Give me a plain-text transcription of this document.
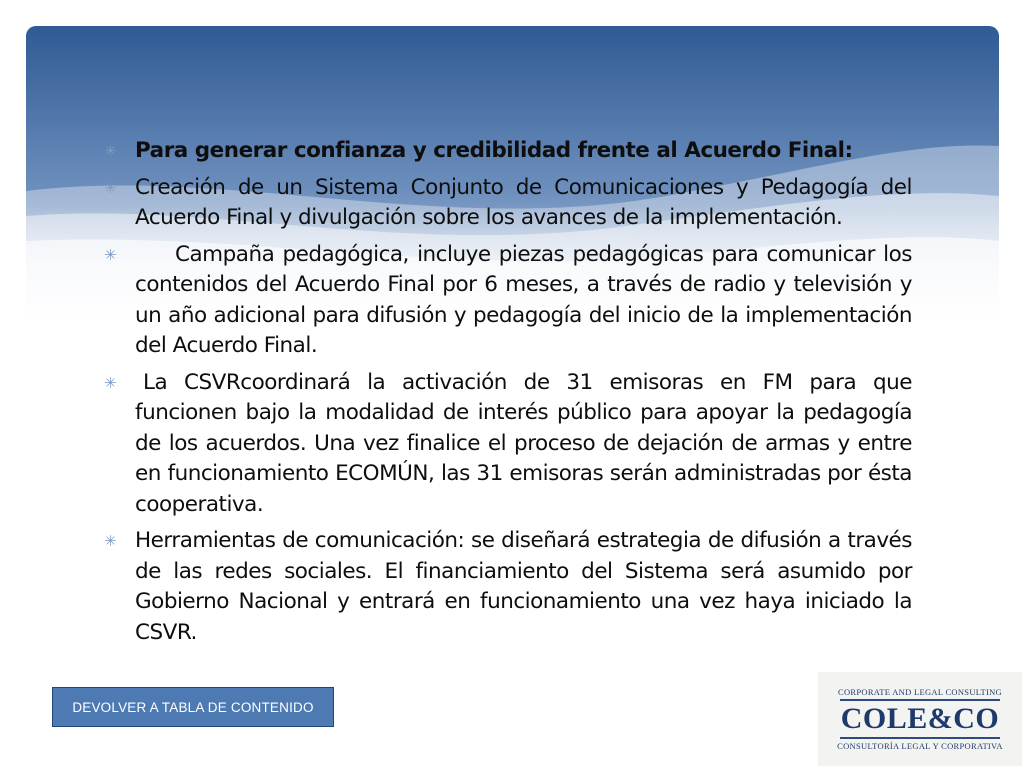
✳ Para generar confianza y credibilidad frente al Acuerdo Final:
✳ Creación de un Sistema Conjunto de Comunicaciones y Pedagogía del Acuerdo Final y divulgación sobre los avances de la implementación.
✳	Campaña pedagógica, incluye piezas pedagógicas para comunicar los contenidos del Acuerdo Final por 6 meses, a través de radio y televisión y un año adicional para difusión y pedagogía del inicio de la implementación del Acuerdo Final.
✳ La CSVRcoordinará la activación de 31 emisoras en FM para que funcionen bajo la modalidad de interés público para apoyar la pedagogía de los acuerdos. Una vez finalice el proceso de dejación de armas y entre en funcionamiento ECOMÚN, las 31 emisoras serán administradas por ésta cooperativa.
✳ Herramientas de comunicación: se diseñará estrategia de difusión a través de las redes sociales. El financiamiento del Sistema será asumido por Gobierno Nacional y entrará en funcionamiento una vez haya iniciado la CSVR.
DEVOLVER A TABLA DE CONTENIDO
CORPORATE AND LEGAL CONSULTING
COLE&CO
CONSULTORÍA LEGAL Y CORPORATIVA
